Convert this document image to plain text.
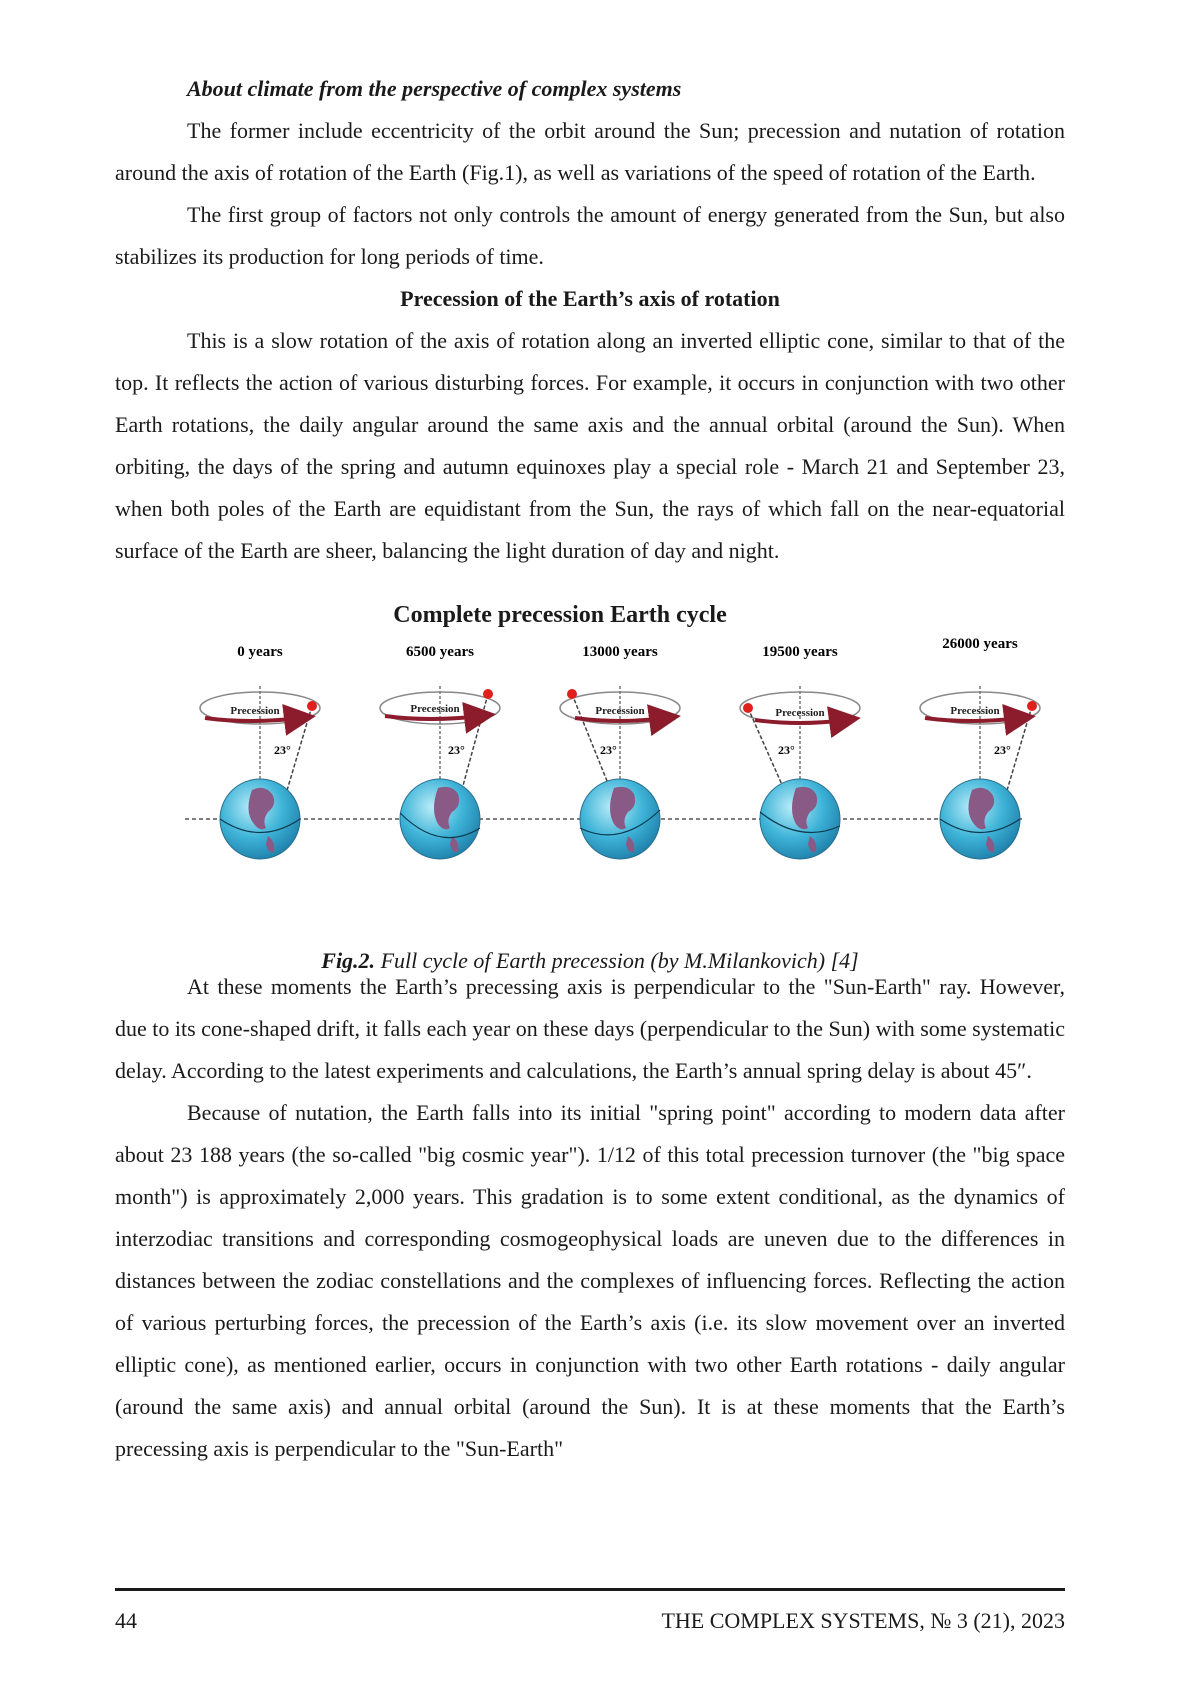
About climate from the perspective of complex systems

The former include eccentricity of the orbit around the Sun; precession and nutation of rotation around the axis of rotation of the Earth (Fig.1), as well as variations of the speed of rotation of the Earth.

The first group of factors not only controls the amount of energy generated from the Sun, but also stabilizes its production for long periods of time.

Precession of the Earth’s axis of rotation

This is a slow rotation of the axis of rotation along an inverted elliptic cone, similar to that of the top. It reflects the action of various disturbing forces. For example, it occurs in conjunction with two other Earth rotations, the daily angular around the same axis and the annual orbital (around the Sun). When orbiting, the days of the spring and autumn equinoxes play a special role - March 21 and September 23, when both poles of the Earth are equidistant from the Sun, the rays of which fall on the near-equatorial surface of the Earth are sheer, balancing the light duration of day and night.

Complete precession Earth cycle
0 years
Precession
23°
6500 years
Precession
23°
13000 years
Precession
23°
19500 years
Precession
23°
26000 years
Precession
23°

Fig.2. Full cycle of Earth precession (by M.Milankovich) [4]

At these moments the Earth’s precessing axis is perpendicular to the "Sun-Earth" ray. However, due to its cone-shaped drift, it falls each year on these days (perpendicular to the Sun) with some systematic delay. According to the latest experiments and calculations, the Earth’s annual spring delay is about 45″.

Because of nutation, the Earth falls into its initial "spring point" according to modern data after about 23 188 years (the so-called "big cosmic year"). 1/12 of this total precession turnover (the "big space month") is approximately 2,000 years. This gradation is to some extent conditional, as the dynamics of interzodiac transitions and corresponding cosmogeophysical loads are uneven due to the differences in distances between the zodiac constellations and the complexes of influencing forces. Reflecting the action of various perturbing forces, the precession of the Earth’s axis (i.e. its slow movement over an inverted elliptic cone), as mentioned earlier, occurs in conjunction with two other Earth rotations - daily angular (around the same axis) and annual orbital (around the Sun). It is at these moments that the Earth’s precessing axis is perpendicular to the "Sun-Earth"

44	THE COMPLEX SYSTEMS, № 3 (21), 2023
